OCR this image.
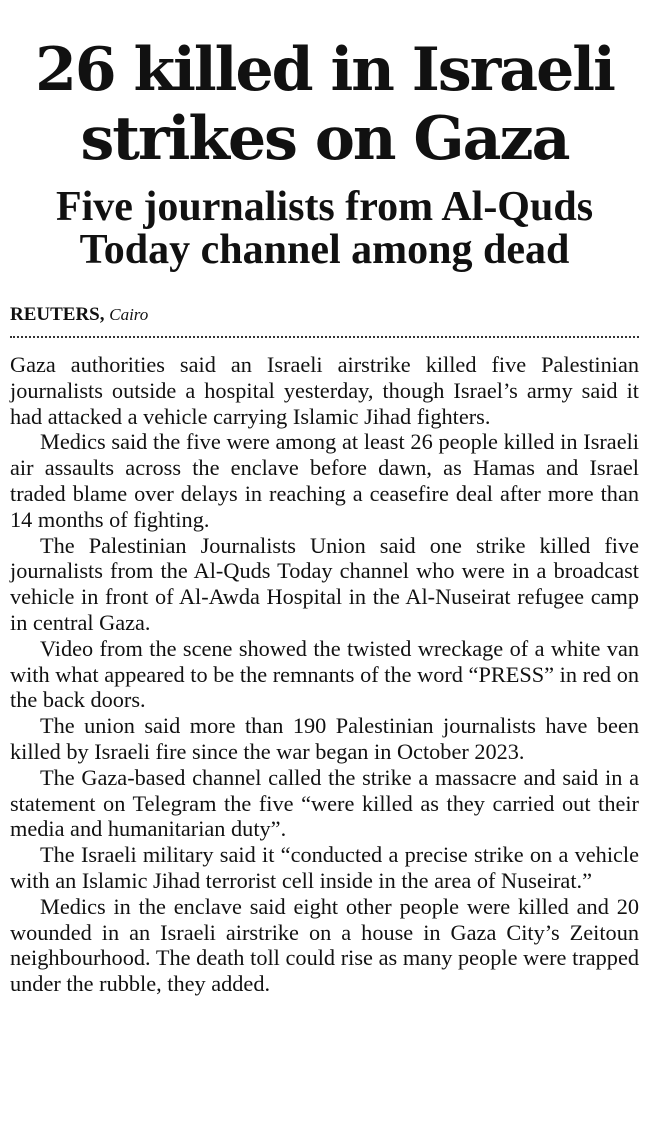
26 killed in Israeli strikes on Gaza
Five journalists from Al-Quds Today channel among dead
REUTERS, Cairo

Gaza authorities said an Israeli airstrike killed five Palestinian journalists outside a hospital yesterday, though Israel’s army said it had attacked a vehicle carrying Islamic Jihad fighters.

Medics said the five were among at least 26 people killed in Israeli air assaults across the enclave before dawn, as Hamas and Israel traded blame over delays in reaching a ceasefire deal after more than 14 months of fighting.

The Palestinian Journalists Union said one strike killed five journalists from the Al-Quds Today channel who were in a broadcast vehicle in front of Al-Awda Hospital in the Al-Nuseirat refugee camp in central Gaza.

Video from the scene showed the twisted wreckage of a white van with what appeared to be the remnants of the word “PRESS” in red on the back doors.

The union said more than 190 Palestinian journalists have been killed by Israeli fire since the war began in October 2023.

The Gaza-based channel called the strike a massacre and said in a statement on Telegram the five “were killed as they carried out their media and humanitarian duty”.

The Israeli military said it “conducted a precise strike on a vehicle with an Islamic Jihad terrorist cell inside in the area of Nuseirat.”

Medics in the enclave said eight other people were killed and 20 wounded in an Israeli airstrike on a house in Gaza City’s Zeitoun neighbourhood. The death toll could rise as many people were trapped under the rubble, they added.
